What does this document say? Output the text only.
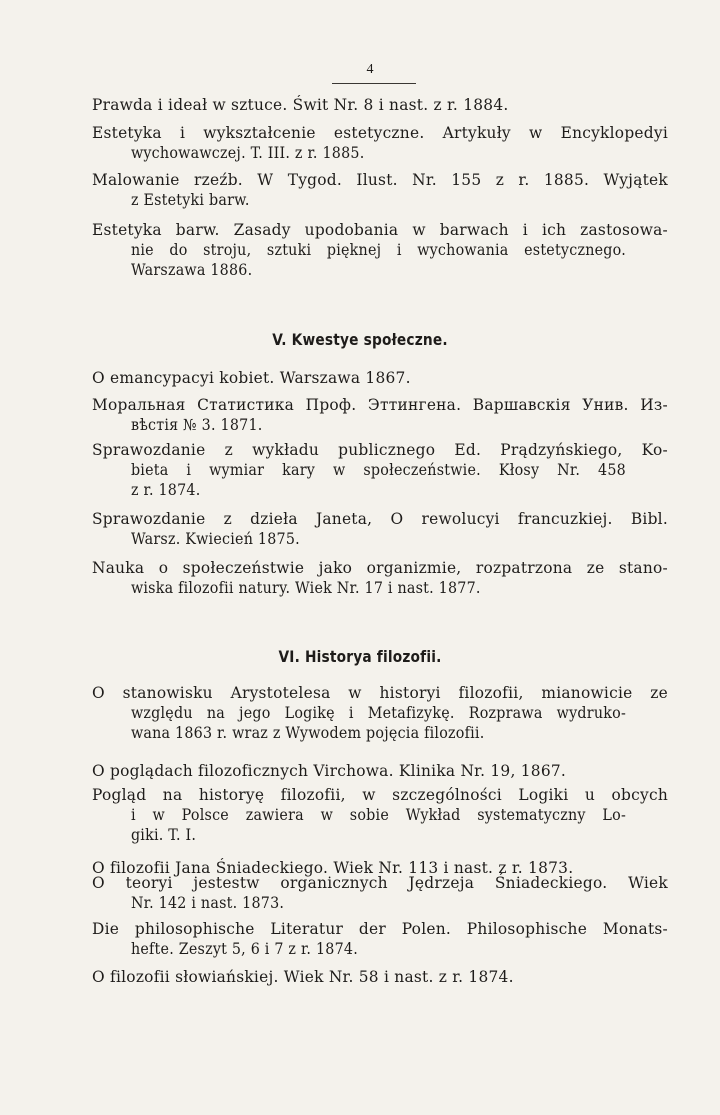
4
Prawda i ideał w sztuce. Świt Nr. 8 i nast. z r. 1884.
Estetyka i wykształcenie estetyczne. Artykuły w Encyklopedyi
wychowawczej. T. III. z r. 1885.
Malowanie rzeźb. W Tygod. Ilust. Nr. 155 z r. 1885. Wyjątek
z Estetyki barw.
Estetyka barw. Zasady upodobania w barwach i ich zastosowa-
nie do stroju, sztuki pięknej i wychowania estetycznego.
Warszawa 1886.
V. Kwestye społeczne.
O emancypacyi kobiet. Warszawa 1867.
Моральная Статистика Проф. Эттингена. Варшавскія Унив. Из-
вѣстія № 3. 1871.
Sprawozdanie z wykładu publicznego Ed. Prądzyńskiego, Ko-
bieta i wymiar kary w społeczeństwie. Kłosy Nr. 458
z r. 1874.
Sprawozdanie z dzieła Janeta, O rewolucyi francuzkiej. Bibl.
Warsz. Kwiecień 1875.
Nauka o społeczeństwie jako organizmie, rozpatrzona ze stano-
wiska filozofii natury. Wiek Nr. 17 i nast. 1877.
VI. Historya filozofii.
O stanowisku Arystotelesa w historyi filozofii, mianowicie ze
względu na jego Logikę i Metafizykę. Rozprawa wydruko-
wana 1863 r. wraz z Wywodem pojęcia filozofii.
O poglądach filozoficznych Virchowa. Klinika Nr. 19, 1867.
Pogląd na historyę filozofii, w szczególności Logiki u obcych
i w Polsce zawiera w sobie Wykład systematyczny Lo-
giki. T. I.
O filozofii Jana Śniadeckiego. Wiek Nr. 113 i nast. z r. 1873.
O teoryi jestestw organicznych Jędrzeja Śniadeckiego. Wiek
Nr. 142 i nast. 1873.
Die philosophische Literatur der Polen. Philosophische Monats-
hefte. Zeszyt 5, 6 i 7 z r. 1874.
O filozofii słowiańskiej. Wiek Nr. 58 i nast. z r. 1874.
